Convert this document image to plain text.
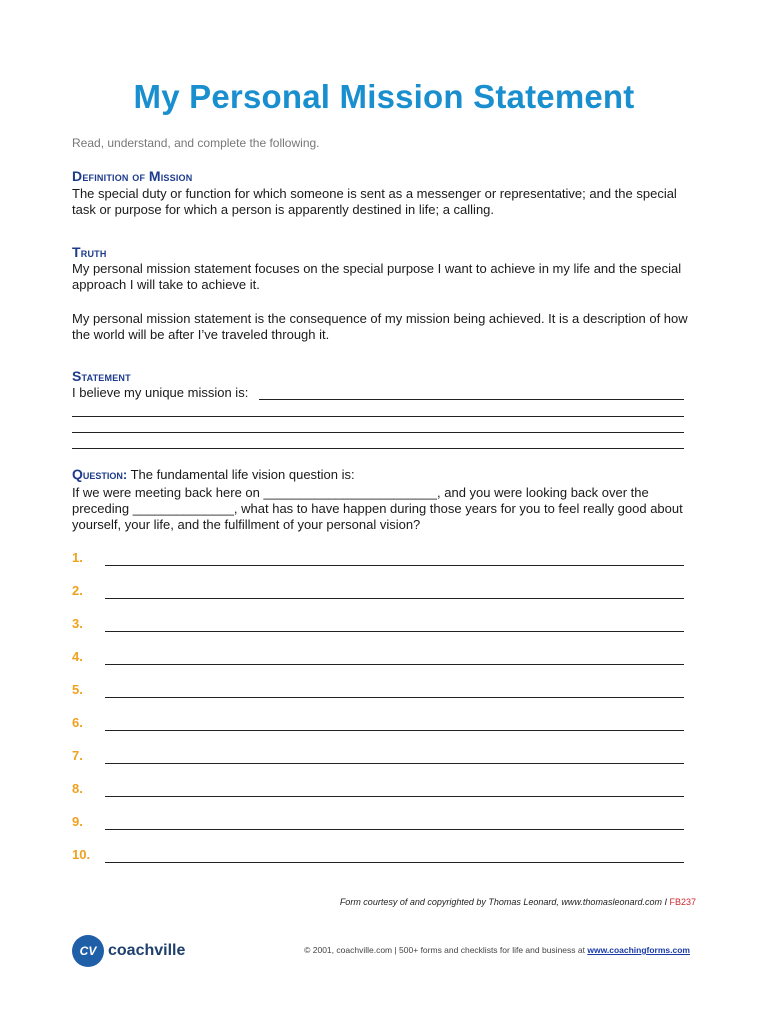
My Personal Mission Statement
Read, understand, and complete the following.
Definition of Mission
The special duty or function for which someone is sent as a messenger or representative; and the special task or purpose for which a person is apparently destined in life; a calling.
Truth
My personal mission statement focuses on the special purpose I want to achieve in my life and the special approach I will take to achieve it.
My personal mission statement is the consequence of my mission being achieved. It is a description of how the world will be after I’ve traveled through it.
Statement
I believe my unique mission is:
Question: The fundamental life vision question is:
If we were meeting back here on ________________________, and you were looking back over the preceding ______________, what has to have happen during those years for you to feel really good about yourself, your life, and the fulfillment of your personal vision?
1.
2.
3.
4.
5.
6.
7.
8.
9.
10.
Form courtesy of and copyrighted by Thomas Leonard, www.thomasleonard.com I FB237
CV coachville	© 2001, coachville.com | 500+ forms and checklists for life and business at www.coachingforms.com
